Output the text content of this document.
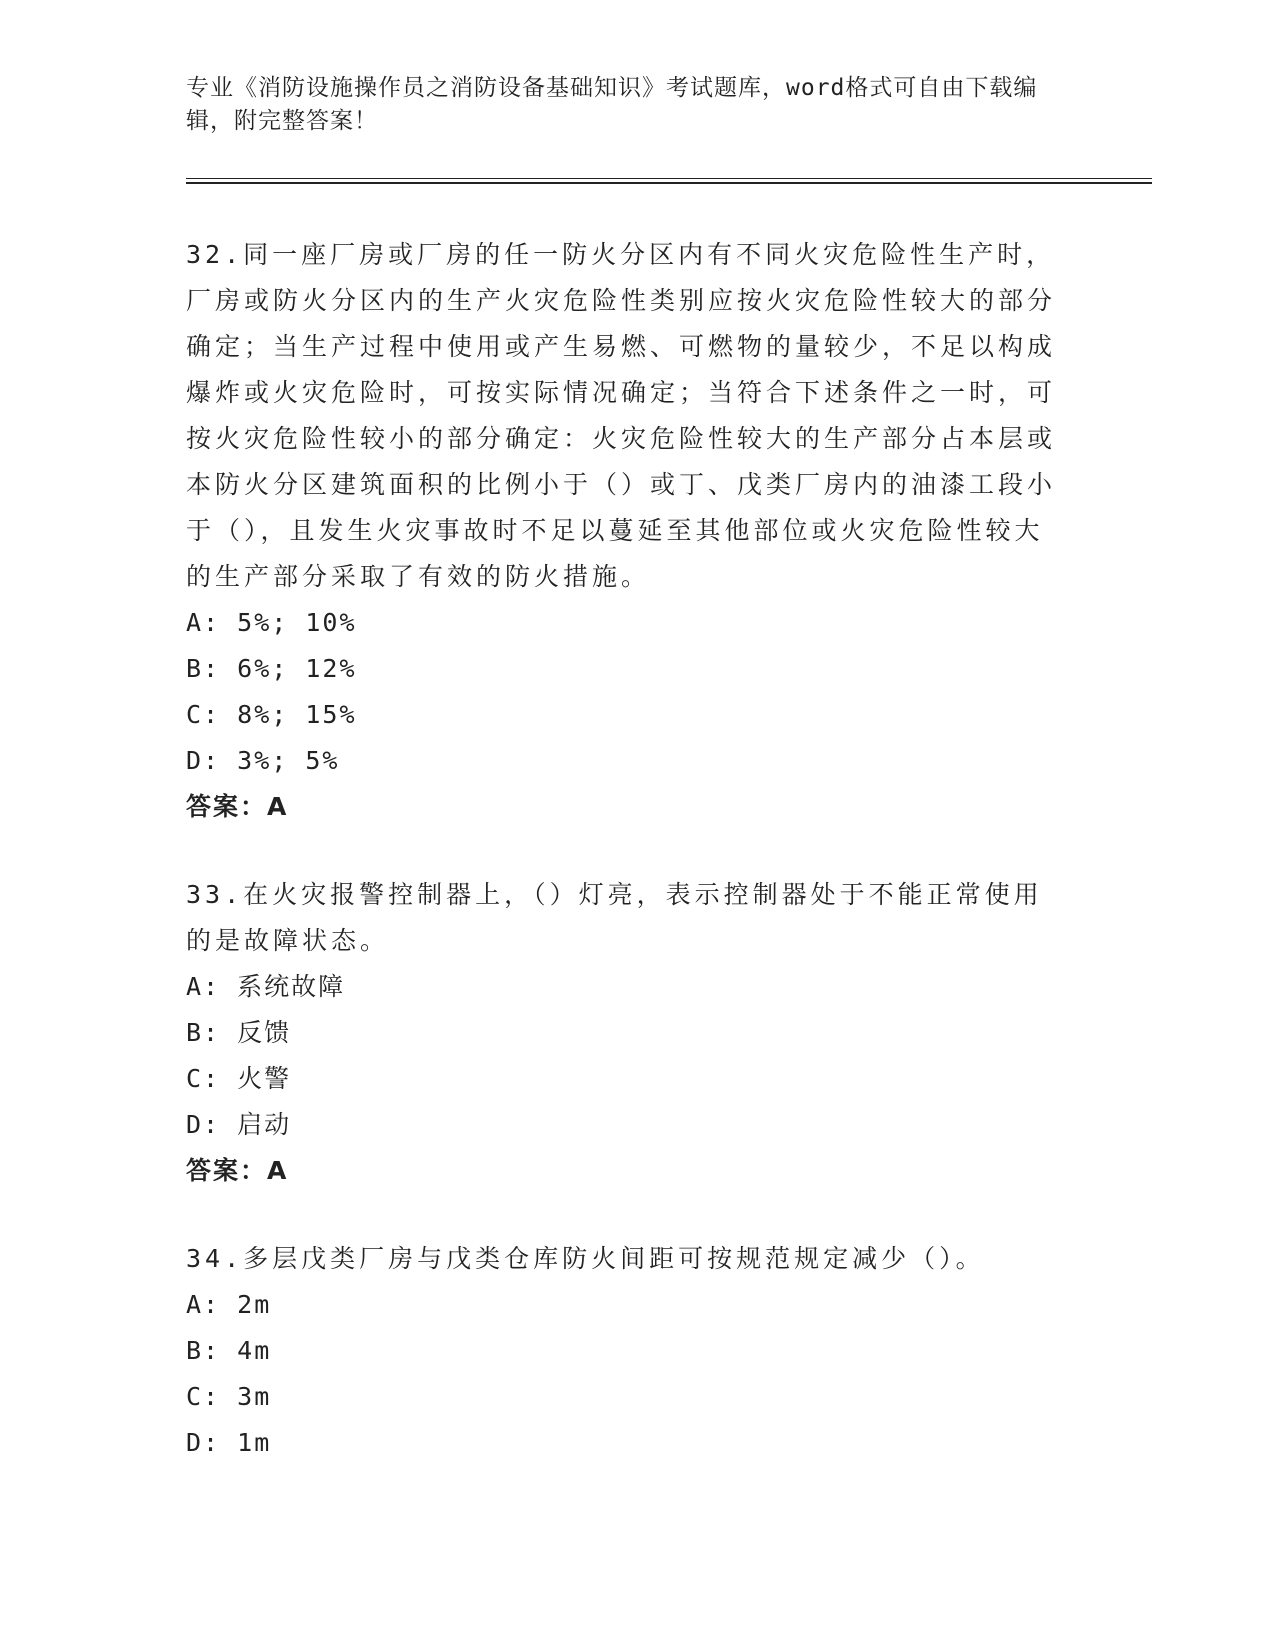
专业《消防设施操作员之消防设备基础知识》考试题库，word格式可自由下载编辑，附完整答案！

32.同一座厂房或厂房的任一防火分区内有不同火灾危险性生产时，厂房或防火分区内的生产火灾危险性类别应按火灾危险性较大的部分确定；当生产过程中使用或产生易燃、可燃物的量较少，不足以构成爆炸或火灾危险时，可按实际情况确定；当符合下述条件之一时，可按火灾危险性较小的部分确定：火灾危险性较大的生产部分占本层或本防火分区建筑面积的比例小于（）或丁、戊类厂房内的油漆工段小于（），且发生火灾事故时不足以蔓延至其他部位或火灾危险性较大的生产部分采取了有效的防火措施。

A: 5%; 10%

B: 6%; 12%

C: 8%; 15%

D: 3%; 5%

答案：A

33.在火灾报警控制器上，（）灯亮，表示控制器处于不能正常使用的是故障状态。

A: 系统故障

B: 反馈

C: 火警

D: 启动

答案：A

34.多层戊类厂房与戊类仓库防火间距可按规范规定减少（）。

A: 2m

B: 4m

C: 3m

D: 1m
